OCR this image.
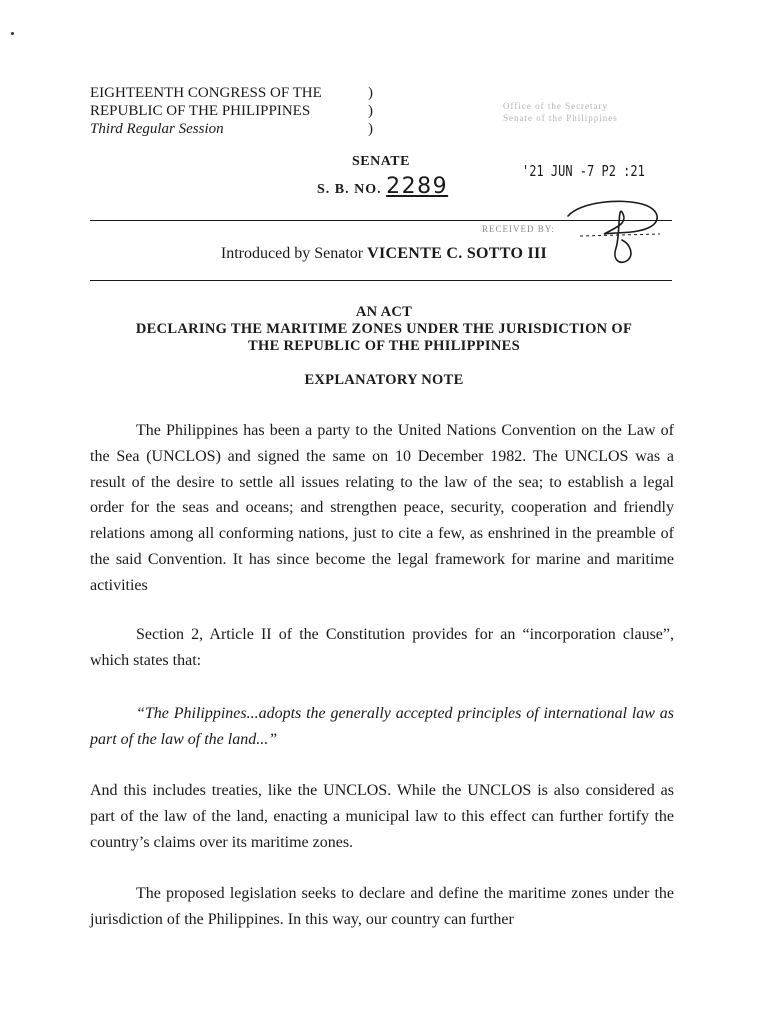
EIGHTEENTH CONGRESS OF THE
REPUBLIC OF THE PHILIPPINES
Third Regular Session
)
)
)
Office of the Secretary
Senate of the Philippines
SENATE
S. B. NO. 2289
'21 JUN -7 P2 :21
RECEIVED BY:
Introduced by Senator VICENTE C. SOTTO III
AN ACT
DECLARING THE MARITIME ZONES UNDER THE JURISDICTION OF
THE REPUBLIC OF THE PHILIPPINES
EXPLANATORY NOTE
The Philippines has been a party to the United Nations Convention on the Law of the Sea (UNCLOS) and signed the same on 10 December 1982. The UNCLOS was a result of the desire to settle all issues relating to the law of the sea; to establish a legal order for the seas and oceans; and strengthen peace, security, cooperation and friendly relations among all conforming nations, just to cite a few, as enshrined in the preamble of the said Convention. It has since become the legal framework for marine and maritime activities
Section 2, Article II of the Constitution provides for an “incorporation clause”, which states that:
“The Philippines...adopts the generally accepted principles of international law as part of the law of the land...”
And this includes treaties, like the UNCLOS. While the UNCLOS is also considered as part of the law of the land, enacting a municipal law to this effect can further fortify the country’s claims over its maritime zones.
The proposed legislation seeks to declare and define the maritime zones under the jurisdiction of the Philippines. In this way, our country can further
